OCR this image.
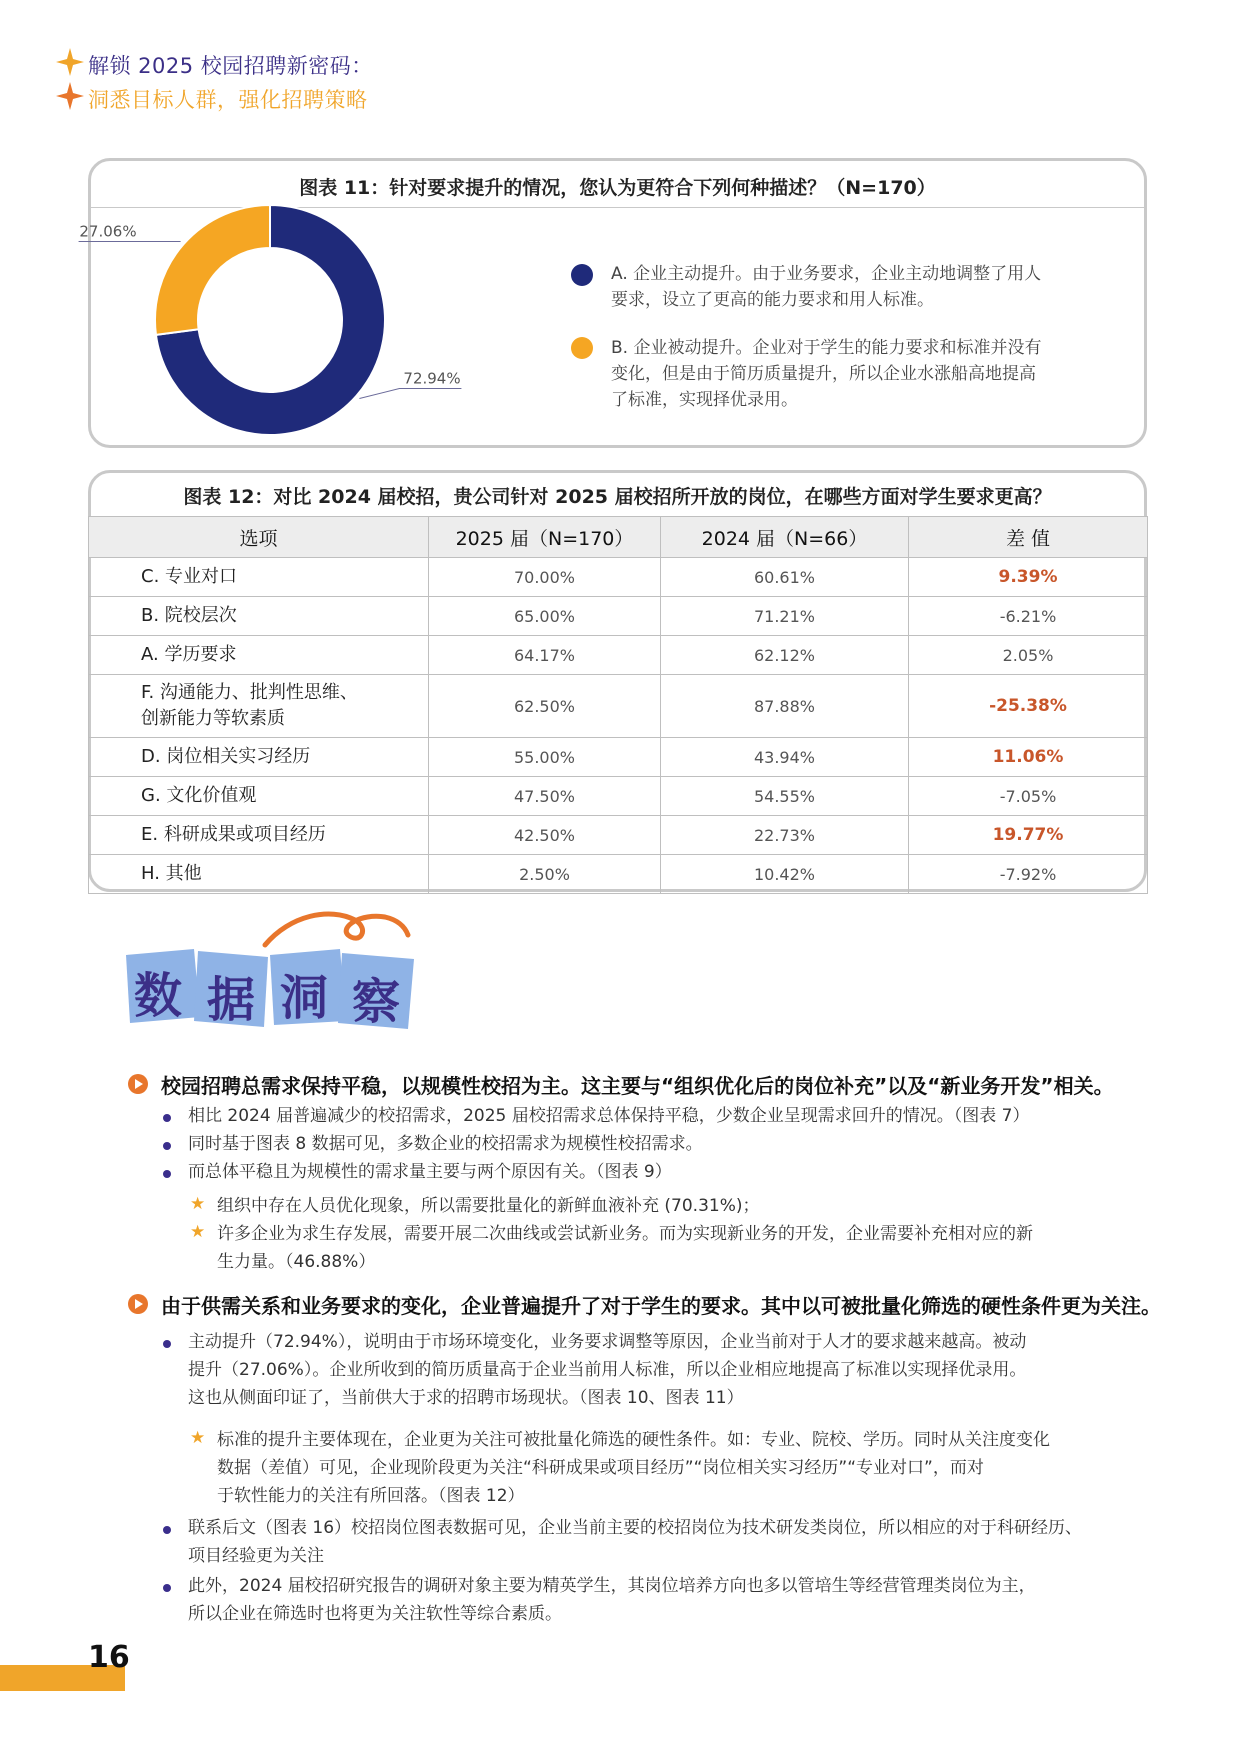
解锁 2025 校园招聘新密码：
洞悉目标人群，强化招聘策略
图表 11：针对要求提升的情况，您认为更符合下列何种描述？（N=170）
A. 企业主动提升。由于业务要求，企业主动地调整了用人要求，设立了更高的能力要求和用人标准。
B. 企业被动提升。企业对于学生的能力要求和标准并没有变化，但是由于简历质量提升，所以企业水涨船高地提高了标准，实现择优录用。
72.94%
27.06%
图表 12：对比 2024 届校招，贵公司针对 2025 届校招所开放的岗位，在哪些方面对学生要求更高？
选项	2025 届（N=170）	2024 届（N=66）	差 值
C. 专业对口	70.00%	60.61%	9.39%
B. 院校层次	65.00%	71.21%	-6.21%
A. 学历要求	64.17%	62.12%	2.05%
F. 沟通能力、批判性思维、创新能力等软素质	62.50%	87.88%	-25.38%
D. 岗位相关实习经历	55.00%	43.94%	11.06%
G. 文化价值观	47.50%	54.55%	-7.05%
E. 科研成果或项目经历	42.50%	22.73%	19.77%
H. 其他	2.50%	10.42%	-7.92%
数 据 洞 察
校园招聘总需求保持平稳，以规模性校招为主。这主要与“组织优化后的岗位补充”以及“新业务开发”相关。
相比 2024 届普遍减少的校招需求，2025 届校招需求总体保持平稳，少数企业呈现需求回升的情况。（图表 7）
同时基于图表 8 数据可见，多数企业的校招需求为规模性校招需求。
而总体平稳且为规模性的需求量主要与两个原因有关。（图表 9）
★ 组织中存在人员优化现象，所以需要批量化的新鲜血液补充 (70.31%)；
★ 许多企业为求生存发展，需要开展二次曲线或尝试新业务。而为实现新业务的开发，企业需要补充相对应的新
生力量。（46.88%）
由于供需关系和业务要求的变化，企业普遍提升了对于学生的要求。其中以可被批量化筛选的硬性条件更为关注。
主动提升（72.94%），说明由于市场环境变化，业务要求调整等原因，企业当前对于人才的要求越来越高。被动
提升（27.06%）。企业所收到的简历质量高于企业当前用人标准，所以企业相应地提高了标准以实现择优录用。
这也从侧面印证了，当前供大于求的招聘市场现状。（图表 10、图表 11）
★ 标准的提升主要体现在，企业更为关注可被批量化筛选的硬性条件。如：专业、院校、学历。同时从关注度变化
数据（差值）可见，企业现阶段更为关注“科研成果或项目经历”“岗位相关实习经历”“专业对口”，而对
于软性能力的关注有所回落。（图表 12）
联系后文（图表 16）校招岗位图表数据可见，企业当前主要的校招岗位为技术研发类岗位，所以相应的对于科研经历、
项目经验更为关注
此外，2024 届校招研究报告的调研对象主要为精英学生，其岗位培养方向也多以管培生等经营管理类岗位为主，
所以企业在筛选时也将更为关注软性等综合素质。
16
